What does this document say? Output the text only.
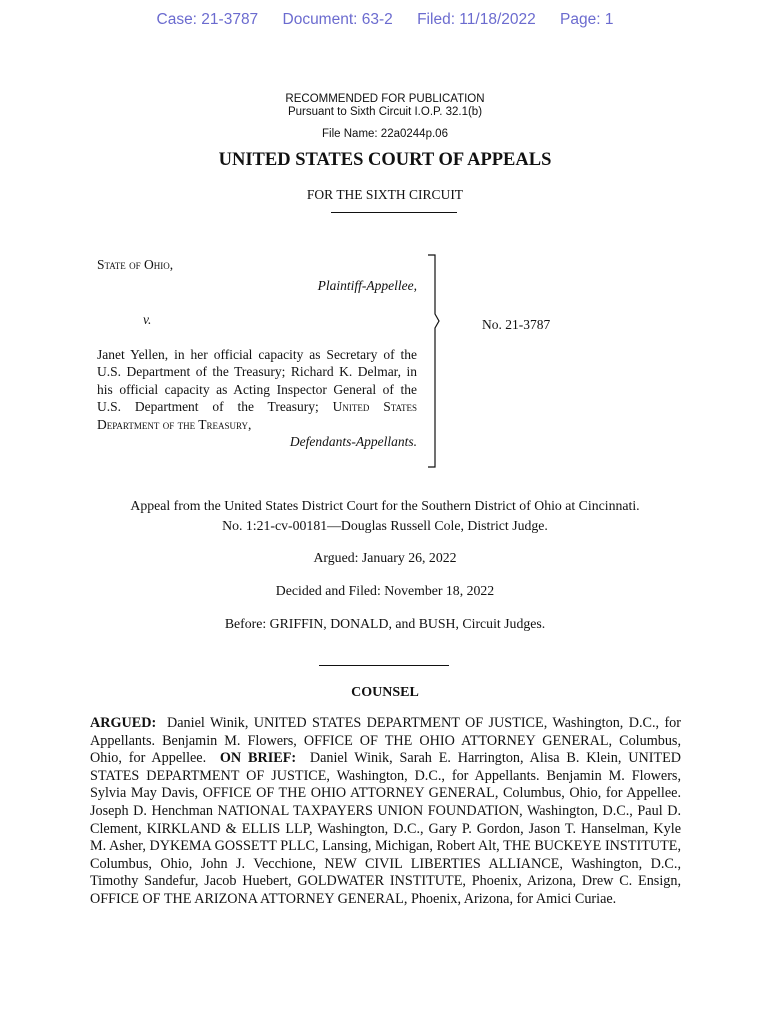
Case: 21-3787 Document: 63-2 Filed: 11/18/2022 Page: 1
RECOMMENDED FOR PUBLICATION
Pursuant to Sixth Circuit I.O.P. 32.1(b)
File Name: 22a0244p.06
UNITED STATES COURT OF APPEALS
FOR THE SIXTH CIRCUIT
State of Ohio,
Plaintiff-Appellee,
v.
Janet Yellen, in her official capacity as Secretary of the U.S. Department of the Treasury; Richard K. Delmar, in his official capacity as Acting Inspector General of the U.S. Department of the Treasury; United States Department of the Treasury,
Defendants-Appellants.
No. 21-3787
Appeal from the United States District Court for the Southern District of Ohio at Cincinnati.
No. 1:21-cv-00181—Douglas Russell Cole, District Judge.
Argued: January 26, 2022
Decided and Filed: November 18, 2022
Before: GRIFFIN, DONALD, and BUSH, Circuit Judges.
COUNSEL
ARGUED: Daniel Winik, UNITED STATES DEPARTMENT OF JUSTICE, Washington, D.C., for Appellants. Benjamin M. Flowers, OFFICE OF THE OHIO ATTORNEY GENERAL, Columbus, Ohio, for Appellee. ON BRIEF: Daniel Winik, Sarah E. Harrington, Alisa B. Klein, UNITED STATES DEPARTMENT OF JUSTICE, Washington, D.C., for Appellants. Benjamin M. Flowers, Sylvia May Davis, OFFICE OF THE OHIO ATTORNEY GENERAL, Columbus, Ohio, for Appellee. Joseph D. Henchman NATIONAL TAXPAYERS UNION FOUNDATION, Washington, D.C., Paul D. Clement, KIRKLAND & ELLIS LLP, Washington, D.C., Gary P. Gordon, Jason T. Hanselman, Kyle M. Asher, DYKEMA GOSSETT PLLC, Lansing, Michigan, Robert Alt, THE BUCKEYE INSTITUTE, Columbus, Ohio, John J. Vecchione, NEW CIVIL LIBERTIES ALLIANCE, Washington, D.C., Timothy Sandefur, Jacob Huebert, GOLDWATER INSTITUTE, Phoenix, Arizona, Drew C. Ensign, OFFICE OF THE ARIZONA ATTORNEY GENERAL, Phoenix, Arizona, for Amici Curiae.
